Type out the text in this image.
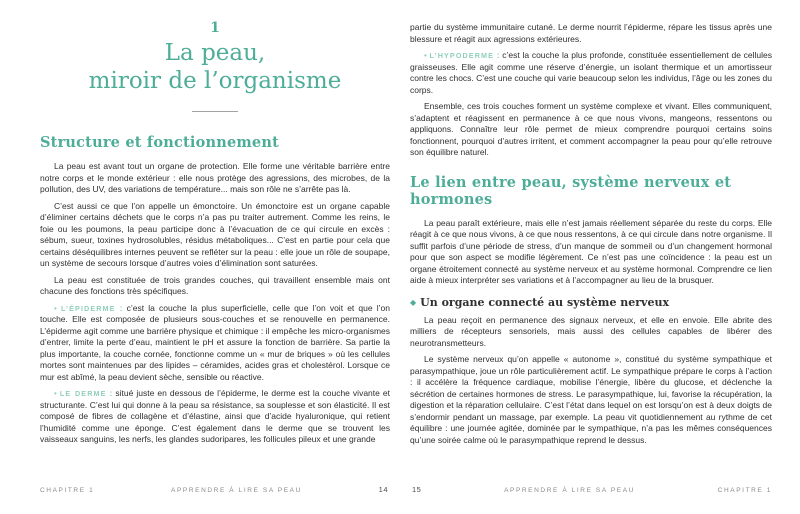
1

La peau,
miroir de l’organisme
Structure et fonctionnement

La peau est avant tout un organe de protection. Elle forme une véritable barrière entre notre corps et le monde extérieur : elle nous protège des agressions, des microbes, de la pollution, des UV, des variations de température... mais son rôle ne s’arrête pas là.

C’est aussi ce que l’on appelle un émonctoire. Un émonctoire est un organe capable d’éliminer certains déchets que le corps n’a pas pu traiter autrement. Comme les reins, le foie ou les poumons, la peau participe donc à l’évacuation de ce qui circule en excès : sébum, sueur, toxines hydrosolubles, résidus métaboliques... C’est en partie pour cela que certains déséquilibres internes peuvent se refléter sur la peau : elle joue un rôle de soupape, un système de secours lorsque d’autres voies d’élimination sont saturées.

La peau est constituée de trois grandes couches, qui travaillent ensemble mais ont chacune des fonctions très spécifiques.

• L’ÉPIDERME : c’est la couche la plus superficielle, celle que l’on voit et que l’on touche. Elle est composée de plusieurs sous-couches et se renouvelle en permanence. L’épiderme agit comme une barrière physique et chimique : il empêche les micro-organismes d’entrer, limite la perte d’eau, maintient le pH et assure la fonction de barrière. Sa partie la plus importante, la couche cornée, fonctionne comme un « mur de briques » où les cellules mortes sont maintenues par des lipides – céramides, acides gras et cholestérol. Lorsque ce mur est abîmé, la peau devient sèche, sensible ou réactive.

• LE DERME : situé juste en dessous de l’épiderme, le derme est la couche vivante et structurante. C’est lui qui donne à la peau sa résistance, sa souplesse et son élasticité. Il est composé de fibres de collagène et d’élastine, ainsi que d’acide hyaluronique, qui retient l’humidité comme une éponge. C’est également dans le derme que se trouvent les vaisseaux sanguins, les nerfs, les glandes sudoripares, les follicules pileux et une grande

CHAPITRE 1	APPRENDRE À LIRE SA PEAU	14

partie du système immunitaire cutané. Le derme nourrit l’épiderme, répare les tissus après une blessure et réagit aux agressions extérieures.

• L’HYPODERME : c’est la couche la plus profonde, constituée essentiellement de cellules graisseuses. Elle agit comme une réserve d’énergie, un isolant thermique et un amortisseur contre les chocs. C’est une couche qui varie beaucoup selon les individus, l’âge ou les zones du corps.

Ensemble, ces trois couches forment un système complexe et vivant. Elles communiquent, s’adaptent et réagissent en permanence à ce que nous vivons, mangeons, ressentons ou appliquons. Connaître leur rôle permet de mieux comprendre pourquoi certains soins fonctionnent, pourquoi d’autres irritent, et comment accompagner la peau pour qu’elle retrouve son équilibre naturel.

Le lien entre peau, système nerveux et hormones

La peau paraît extérieure, mais elle n’est jamais réellement séparée du reste du corps. Elle réagit à ce que nous vivons, à ce que nous ressentons, à ce qui circule dans notre organisme. Il suffit parfois d’une période de stress, d’un manque de sommeil ou d’un changement hormonal pour que son aspect se modifie légèrement. Ce n’est pas une coïncidence : la peau est un organe étroitement connecté au système nerveux et au système hormonal. Comprendre ce lien aide à mieux interpréter ses variations et à l’accompagner au lieu de la brusquer.

◆ Un organe connecté au système nerveux

La peau reçoit en permanence des signaux nerveux, et elle en envoie. Elle abrite des milliers de récepteurs sensoriels, mais aussi des cellules capables de libérer des neurotransmetteurs.

Le système nerveux qu’on appelle « autonome », constitué du système sympathique et parasympathique, joue un rôle particulièrement actif. Le sympathique prépare le corps à l’action : il accélère la fréquence cardiaque, mobilise l’énergie, libère du glucose, et déclenche la sécrétion de certaines hormones de stress. Le parasympathique, lui, favorise la récupération, la digestion et la réparation cellulaire. C’est l’état dans lequel on est lorsqu’on est à deux doigts de s’endormir pendant un massage, par exemple. La peau vit quotidiennement au rythme de cet équilibre : une journée agitée, dominée par le sympathique, n’a pas les mêmes conséquences qu’une soirée calme où le parasympathique reprend le dessus.

15	APPRENDRE À LIRE SA PEAU	CHAPITRE 1
